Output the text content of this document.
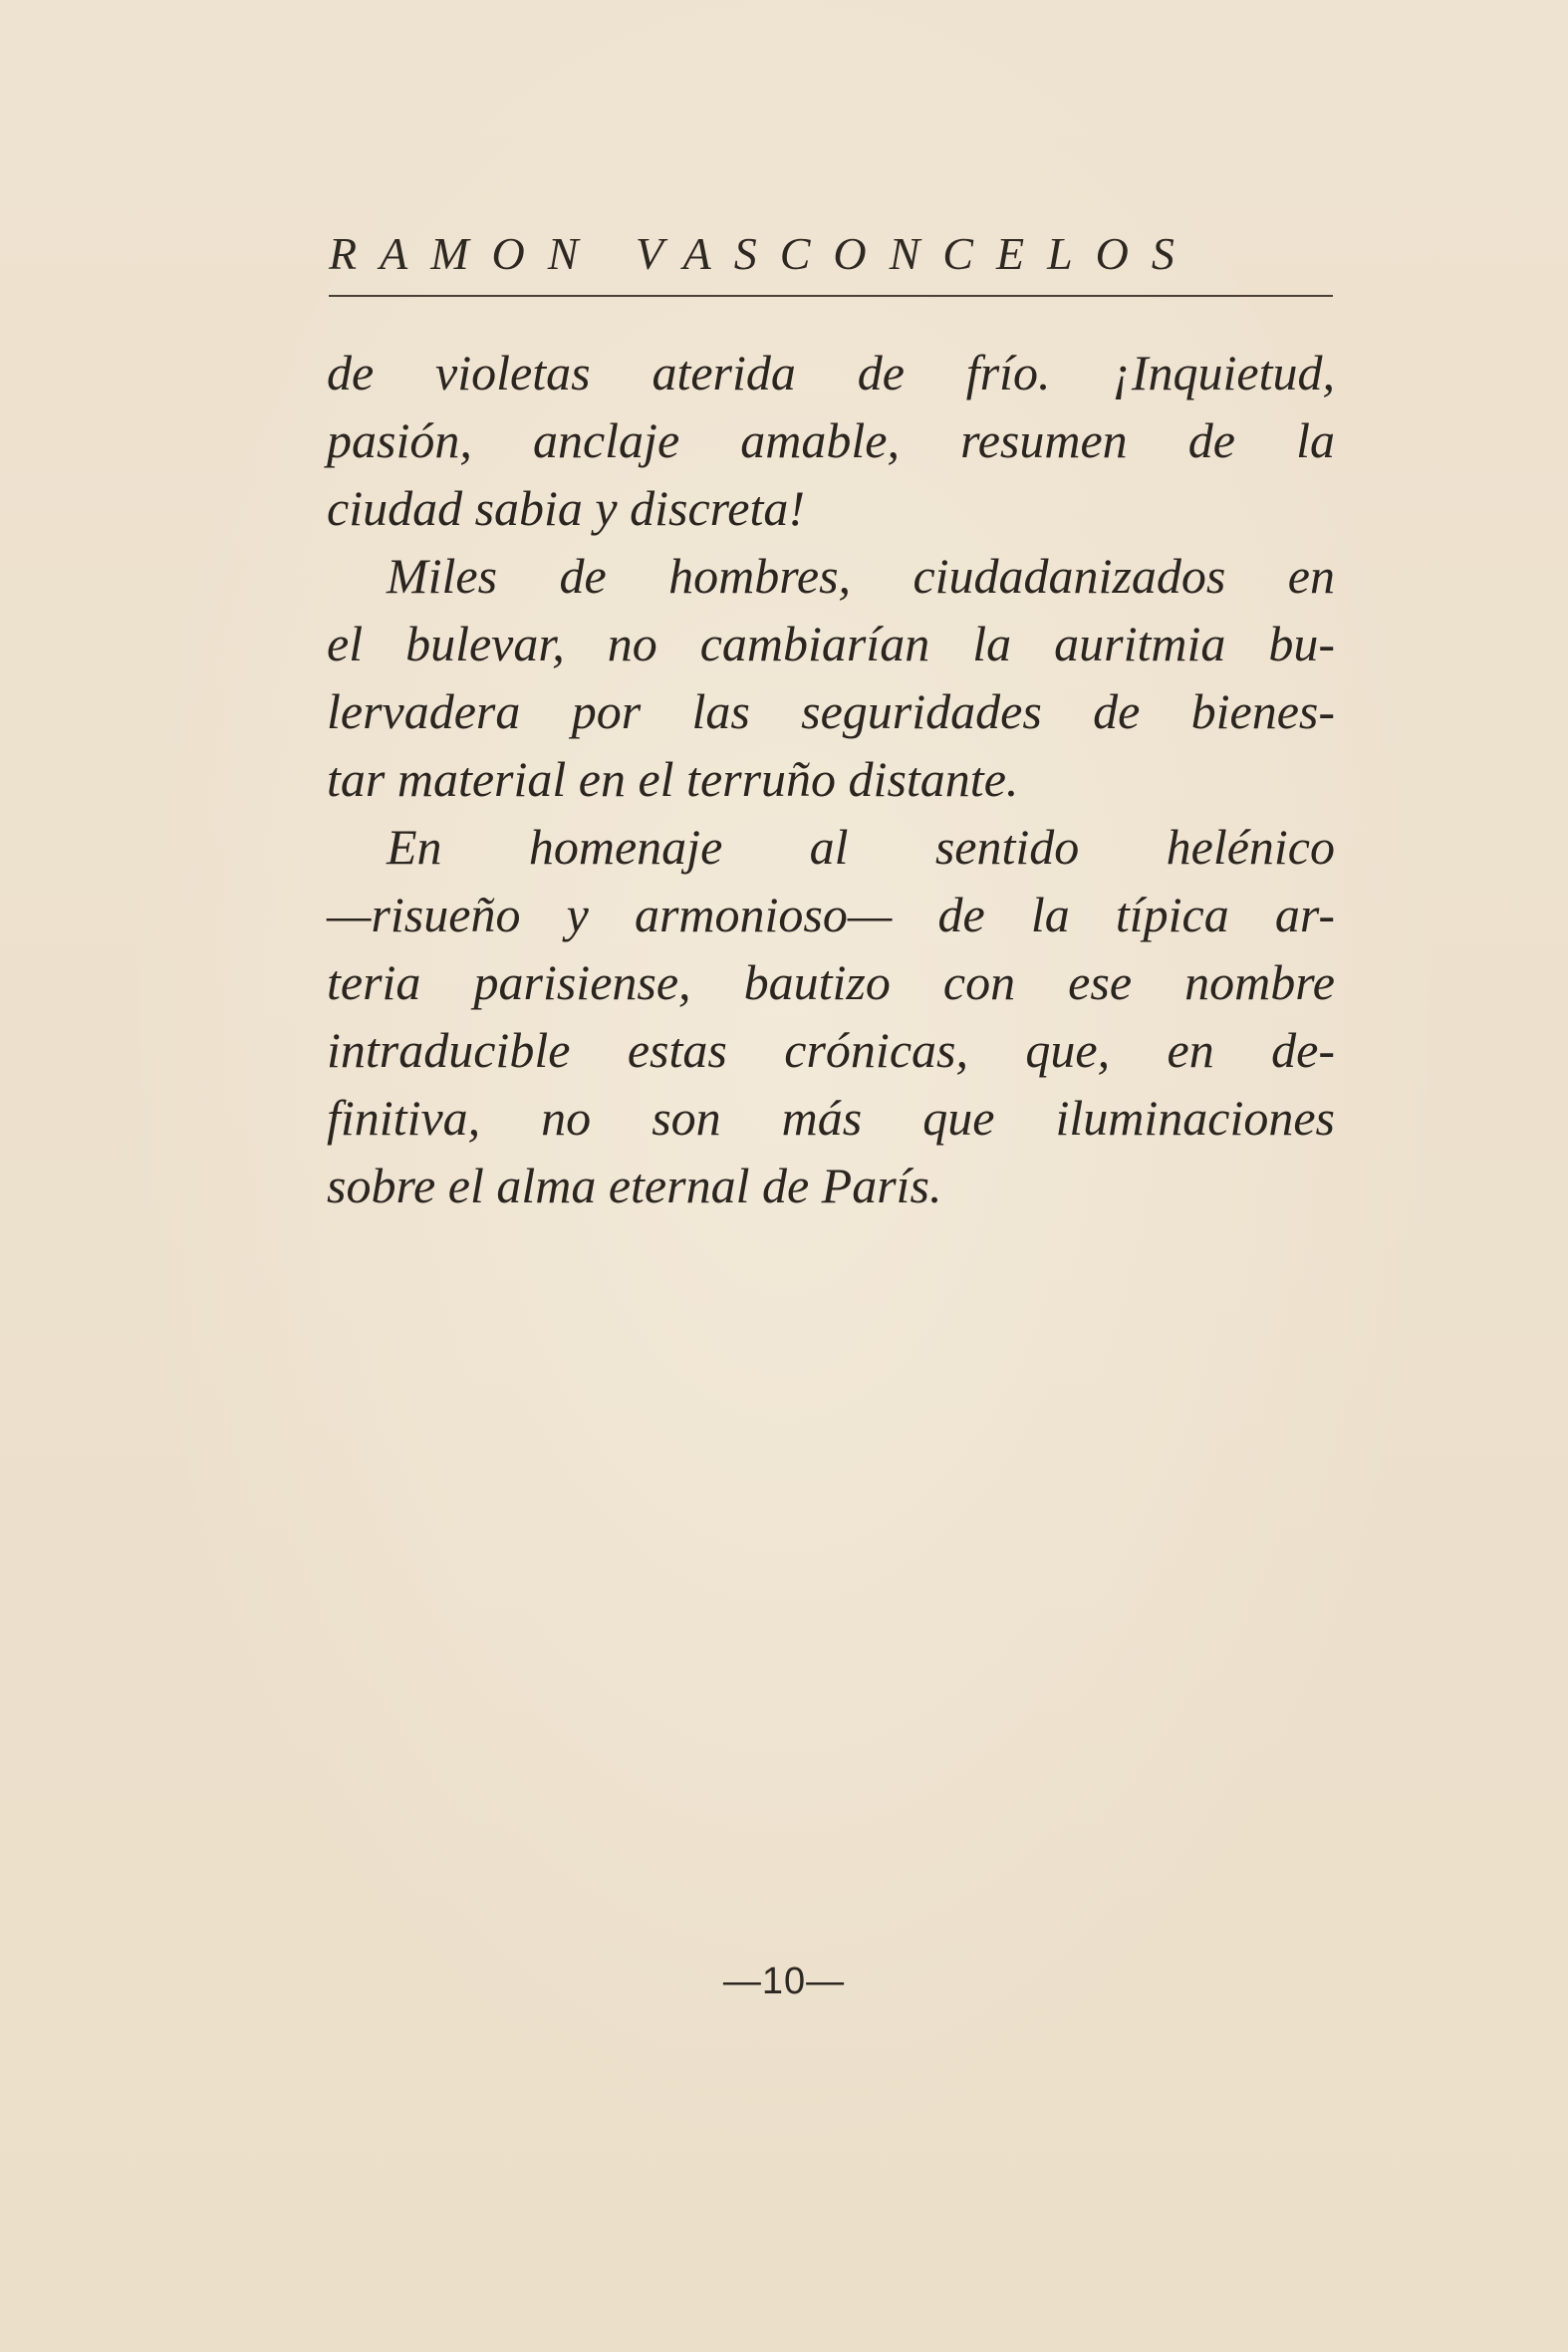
RAMON VASCONCELOS
de violetas aterida de frío. ¡Inquietud,
pasión, anclaje amable, resumen de la
ciudad sabia y discreta!
Miles de hombres, ciudadanizados en
el bulevar, no cambiarían la auritmia bu-
lervadera por las seguridades de bienes-
tar material en el terruño distante.
En homenaje al sentido helénico
—risueño y armonioso— de la típica ar-
teria parisiense, bautizo con ese nombre
intraducible estas crónicas, que, en de-
finitiva, no son más que iluminaciones
sobre el alma eternal de París.
—10—
